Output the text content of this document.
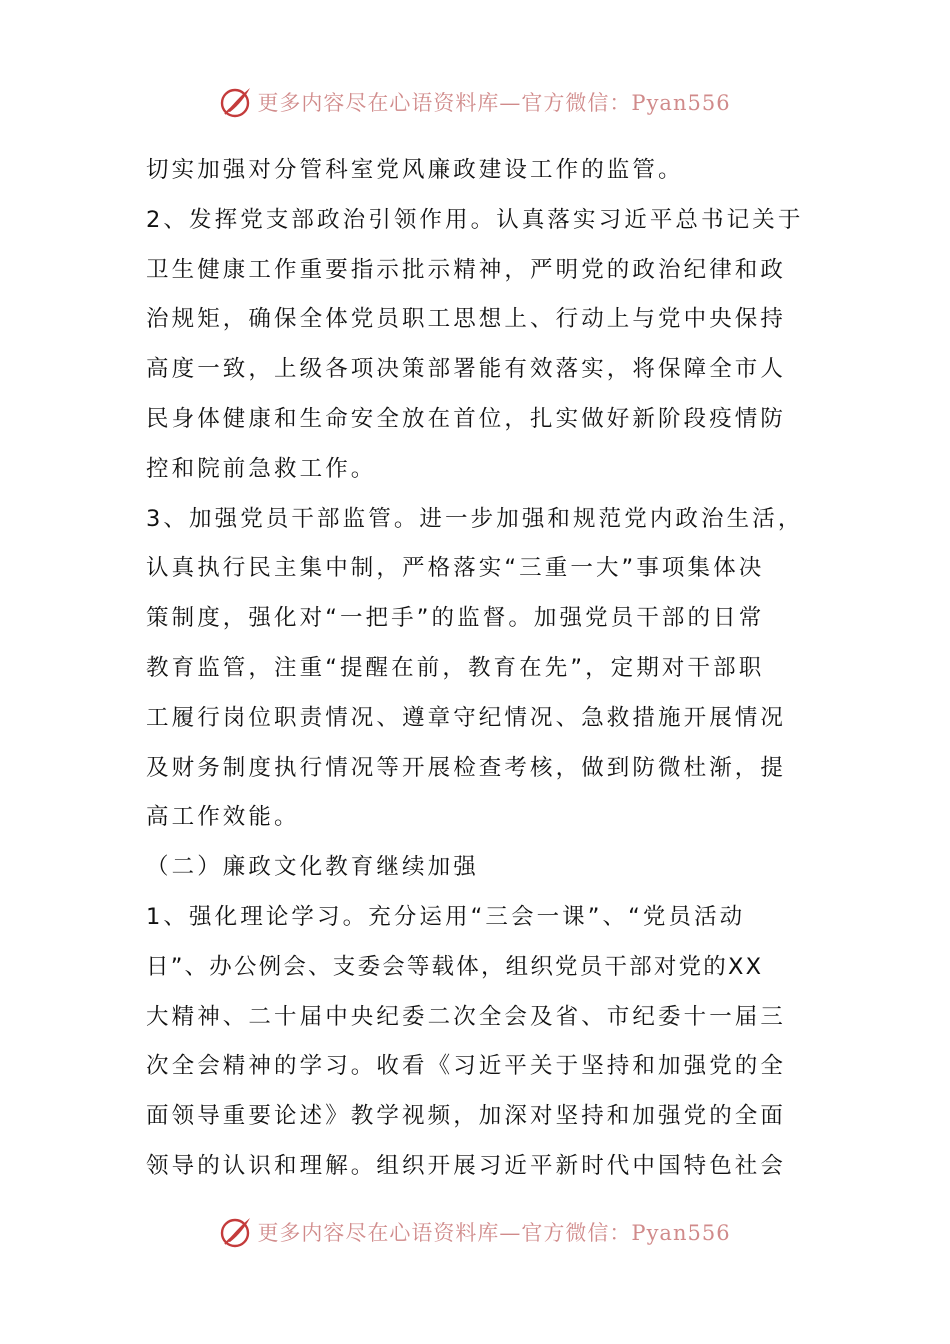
更多内容尽在心语资料库—官方微信：Pyan556
切实加强对分管科室党风廉政建设工作的监管。
2、发挥党支部政治引领作用。认真落实习近平总书记关于
卫生健康工作重要指示批示精神，严明党的政治纪律和政
治规矩，确保全体党员职工思想上、行动上与党中央保持
高度一致，上级各项决策部署能有效落实，将保障全市人
民身体健康和生命安全放在首位，扎实做好新阶段疫情防
控和院前急救工作。
3、加强党员干部监管。进一步加强和规范党内政治生活，
认真执行民主集中制，严格落实“三重一大”事项集体决
策制度，强化对“一把手”的监督。加强党员干部的日常
教育监管，注重“提醒在前，教育在先”，定期对干部职
工履行岗位职责情况、遵章守纪情况、急救措施开展情况
及财务制度执行情况等开展检查考核，做到防微杜渐，提
高工作效能。
（二）廉政文化教育继续加强
1、强化理论学习。充分运用“三会一课”、“党员活动
日”、办公例会、支委会等载体，组织党员干部对党的XX
大精神、二十届中央纪委二次全会及省、市纪委十一届三
次全会精神的学习。收看《习近平关于坚持和加强党的全
面领导重要论述》教学视频，加深对坚持和加强党的全面
领导的认识和理解。组织开展习近平新时代中国特色社会
更多内容尽在心语资料库—官方微信：Pyan556
